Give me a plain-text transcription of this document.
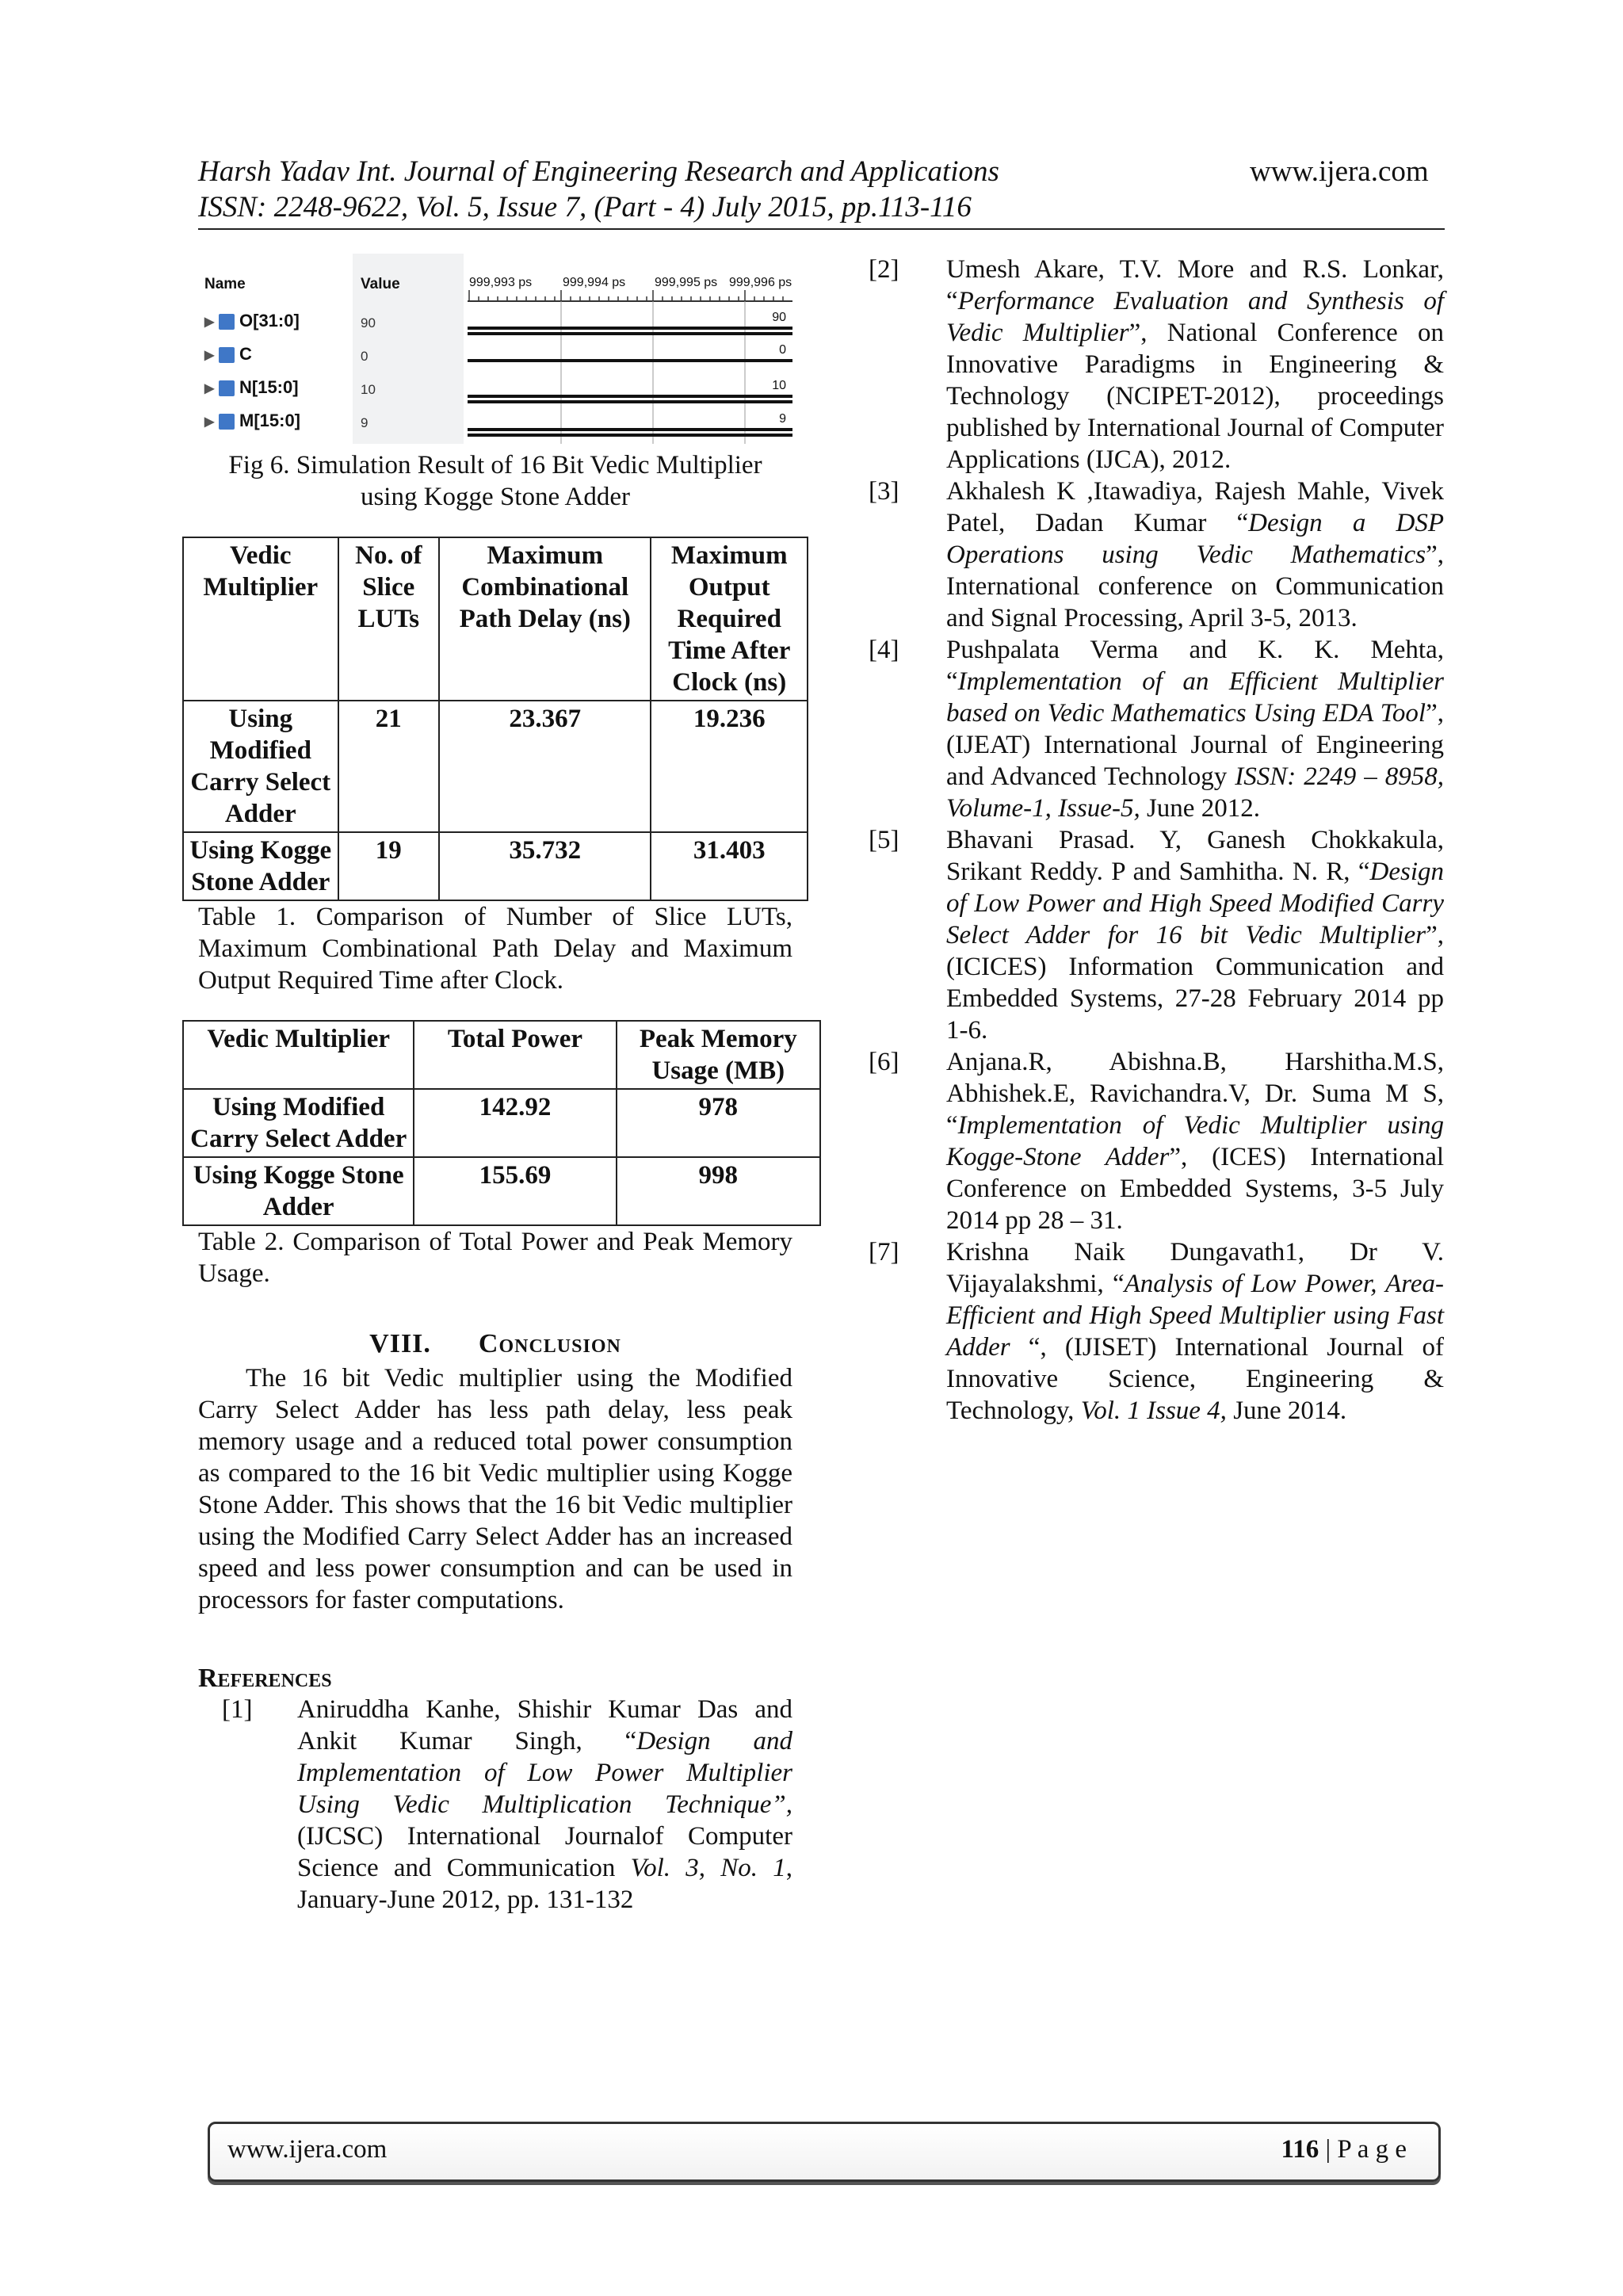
Harsh Yadav Int. Journal of Engineering Research and Applications
ISSN: 2248-9622, Vol. 5, Issue 7, (Part - 4) July 2015, pp.113-116
www.ijera.com
Name
▶ O[31:0]
▶ C
▶ N[15:0]
▶ M[15:0]
Value
90
0
10
9
999,993 ps 999,994 ps 999,995 ps 999,996 ps
90
0
10
9
Fig 6. Simulation Result of 16 Bit Vedic Multiplier using Kogge Stone Adder
Vedic Multiplier	No. of Slice LUTs	Maximum Combinational Path Delay (ns)	Maximum Output Required Time After Clock (ns)
Using Modified Carry Select Adder	21	23.367	19.236
Using Kogge Stone Adder	19	35.732	31.403
Table 1. Comparison of Number of Slice LUTs, Maximum Combinational Path Delay and Maximum Output Required Time after Clock.
Vedic Multiplier	Total Power	Peak Memory Usage (MB)
Using Modified Carry Select Adder	142.92	978
Using Kogge Stone Adder	155.69	998
Table 2. Comparison of Total Power and Peak Memory Usage.
VIII. Conclusion

The 16 bit Vedic multiplier using the Modified Carry Select Adder has less path delay, less peak memory usage and a reduced total power consumption as compared to the 16 bit Vedic multiplier using Kogge Stone Adder. This shows that the 16 bit Vedic multiplier using the Modified Carry Select Adder has an increased speed and less power consumption and can be used in processors for faster computations.

References
[1] Aniruddha Kanhe, Shishir Kumar Das and Ankit Kumar Singh, “Design and Implementation of Low Power Multiplier Using Vedic Multiplication Technique”, (IJCSC) International Journalof Computer Science and Communication Vol. 3, No. 1, January-June 2012, pp. 131-132
[2] Umesh Akare, T.V. More and R.S. Lonkar, “Performance Evaluation and Synthesis of Vedic Multiplier”, National Conference on Innovative Paradigms in Engineering & Technology (NCIPET-2012), proceedings published by International Journal of Computer Applications (IJCA), 2012.
[3] Akhalesh K ,Itawadiya, Rajesh Mahle, Vivek Patel, Dadan Kumar “Design a DSP Operations using Vedic Mathematics”, International conference on Communication and Signal Processing, April 3-5, 2013.
[4] Pushpalata Verma and K. K. Mehta, “Implementation of an Efficient Multiplier based on Vedic Mathematics Using EDA Tool”, (IJEAT) International Journal of Engineering and Advanced Technology ISSN: 2249 – 8958, Volume-1, Issue-5, June 2012.
[5] Bhavani Prasad. Y, Ganesh Chokkakula, Srikant Reddy. P and Samhitha. N. R, “Design of Low Power and High Speed Modified Carry Select Adder for 16 bit Vedic Multiplier”, (ICICES) Information Communication and Embedded Systems, 27-28 February 2014 pp 1-6.
[6] Anjana.R, Abishna.B, Harshitha.M.S, Abhishek.E, Ravichandra.V, Dr. Suma M S, “Implementation of Vedic Multiplier using Kogge-Stone Adder”, (ICES) International Conference on Embedded Systems, 3-5 July 2014 pp 28 – 31.
[7] Krishna Naik Dungavath1, Dr V. Vijayalakshmi, “Analysis of Low Power, Area- Efficient and High Speed Multiplier using Fast Adder “, (IJISET) International Journal of Innovative Science, Engineering & Technology, Vol. 1 Issue 4, June 2014.
www.ijera.com	116 | P a g e
